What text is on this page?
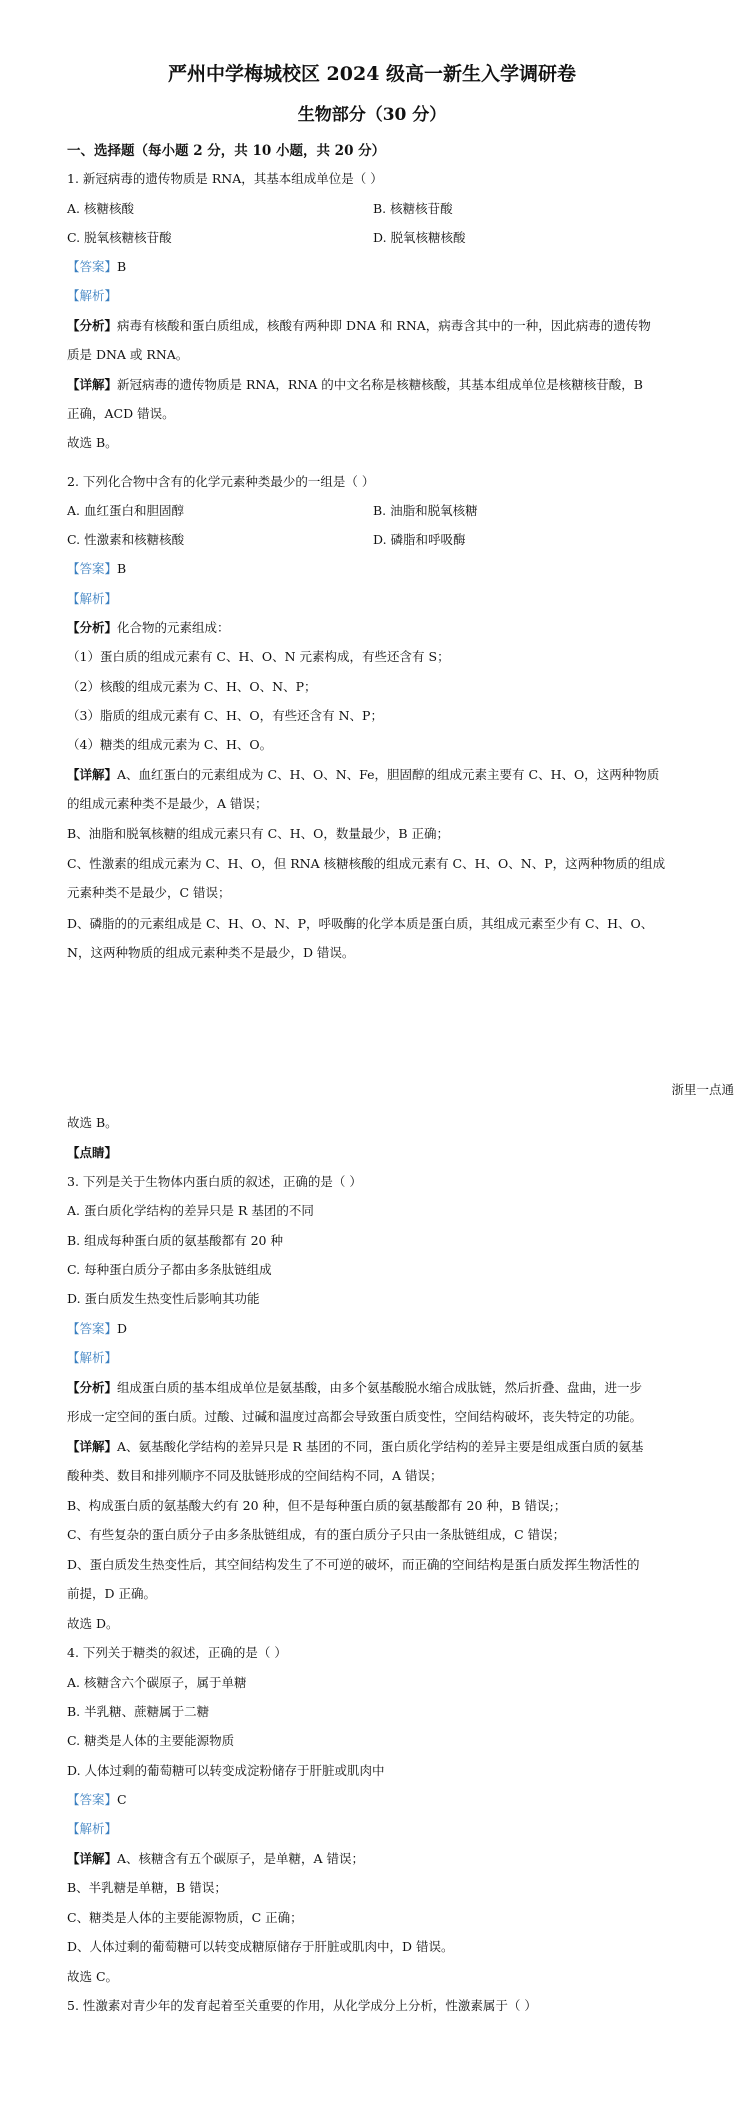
严州中学梅城校区 2024 级高一新生入学调研卷
生物部分（30 分）
一、选择题（每小题 2 分，共 10 小题，共 20 分）
1. 新冠病毒的遗传物质是 RNA，其基本组成单位是（ ）
A. 核糖核酸	B. 核糖核苷酸
C. 脱氧核糖核苷酸	D. 脱氧核糖核酸
【答案】B
【解析】
【分析】病毒有核酸和蛋白质组成，核酸有两种即 DNA 和 RNA，病毒含其中的一种，因此病毒的遗传物
质是 DNA 或 RNA。
【详解】新冠病毒的遗传物质是 RNA，RNA 的中文名称是核糖核酸，其基本组成单位是核糖核苷酸，B
正确，ACD 错误。
故选 B。
2. 下列化合物中含有的化学元素种类最少的一组是（ ）
A. 血红蛋白和胆固醇	B. 油脂和脱氧核糖
C. 性激素和核糖核酸	D. 磷脂和呼吸酶
【答案】B
【解析】
【分析】化合物的元素组成：
（1）蛋白质的组成元素有 C、H、O、N 元素构成，有些还含有 S；
（2）核酸的组成元素为 C、H、O、N、P；
（3）脂质的组成元素有 C、H、O，有些还含有 N、P；
（4）糖类的组成元素为 C、H、O。
【详解】A、血红蛋白的元素组成为 C、H、O、N、Fe，胆固醇的组成元素主要有 C、H、O，这两种物质
的组成元素种类不是最少，A 错误；
B、油脂和脱氧核糖的组成元素只有 C、H、O，数量最少，B 正确；
C、性激素的组成元素为 C、H、O，但 RNA 核糖核酸的组成元素有 C、H、O、N、P，这两种物质的组成
元素种类不是最少，C 错误；
D、磷脂的的元素组成是 C、H、O、N、P，呼吸酶的化学本质是蛋白质，其组成元素至少有 C、H、O、
N，这两种物质的组成元素种类不是最少，D 错误。
浙里一点通
故选 B。
【点睛】
3. 下列是关于生物体内蛋白质的叙述，正确的是（ ）
A. 蛋白质化学结构的差异只是 R 基团的不同
B. 组成每种蛋白质的氨基酸都有 20 种
C. 每种蛋白质分子都由多条肽链组成
D. 蛋白质发生热变性后影响其功能
【答案】D
【解析】
【分析】组成蛋白质的基本组成单位是氨基酸，由多个氨基酸脱水缩合成肽链，然后折叠、盘曲，进一步
形成一定空间的蛋白质。过酸、过碱和温度过高都会导致蛋白质变性，空间结构破坏，丧失特定的功能。
【详解】A、氨基酸化学结构的差异只是 R 基团的不同，蛋白质化学结构的差异主要是组成蛋白质的氨基
酸种类、数目和排列顺序不同及肽链形成的空间结构不同，A 错误；
B、构成蛋白质的氨基酸大约有 20 种，但不是每种蛋白质的氨基酸都有 20 种，B 错误;；
C、有些复杂的蛋白质分子由多条肽链组成，有的蛋白质分子只由一条肽链组成，C 错误；
D、蛋白质发生热变性后，其空间结构发生了不可逆的破坏，而正确的空间结构是蛋白质发挥生物活性的
前提，D 正确。
故选 D。
4. 下列关于糖类的叙述，正确的是（ ）
A. 核糖含六个碳原子，属于单糖
B. 半乳糖、蔗糖属于二糖
C. 糖类是人体的主要能源物质
D. 人体过剩的葡萄糖可以转变成淀粉储存于肝脏或肌肉中
【答案】C
【解析】
【详解】A、核糖含有五个碳原子，是单糖，A 错误；
B、半乳糖是单糖，B 错误；
C、糖类是人体的主要能源物质，C 正确；
D、人体过剩的葡萄糖可以转变成糖原储存于肝脏或肌肉中，D 错误。
故选 C。
5. 性激素对青少年的发育起着至关重要的作用，从化学成分上分析，性激素属于（ ）
